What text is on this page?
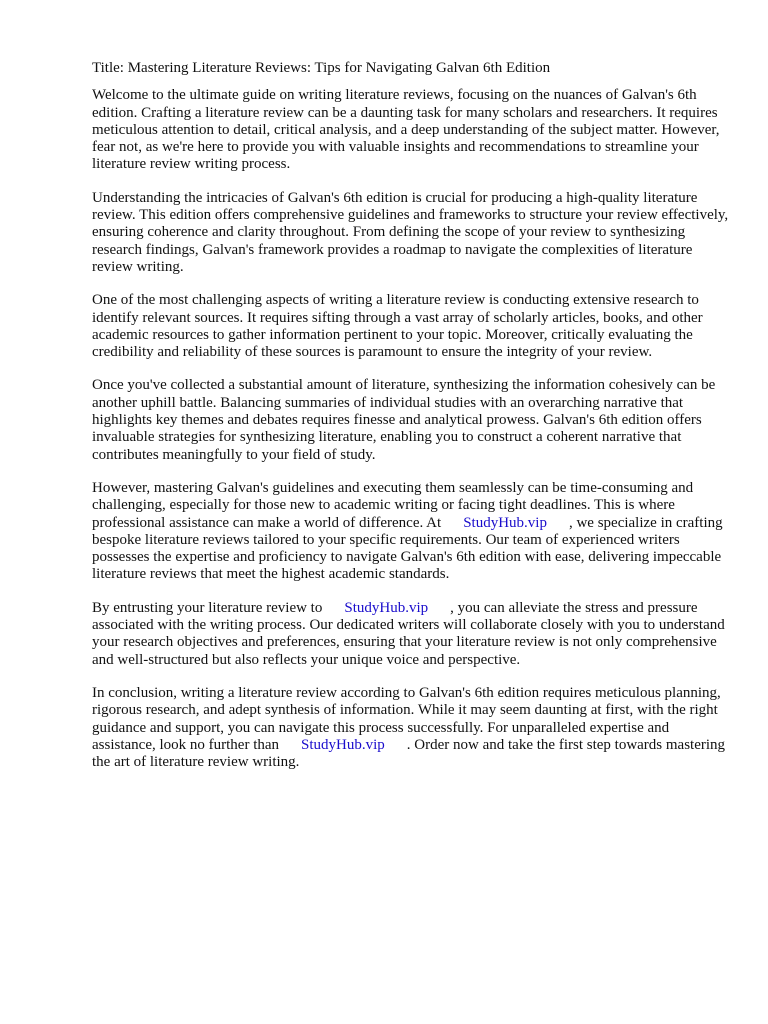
Title: Mastering Literature Reviews: Tips for Navigating Galvan 6th Edition

Welcome to the ultimate guide on writing literature reviews, focusing on the nuances of Galvan's 6th edition. Crafting a literature review can be a daunting task for many scholars and researchers. It requires meticulous attention to detail, critical analysis, and a deep understanding of the subject matter. However, fear not, as we're here to provide you with valuable insights and recommendations to streamline your literature review writing process.

Understanding the intricacies of Galvan's 6th edition is crucial for producing a high-quality literature review. This edition offers comprehensive guidelines and frameworks to structure your review effectively, ensuring coherence and clarity throughout. From defining the scope of your review to synthesizing research findings, Galvan's framework provides a roadmap to navigate the complexities of literature review writing.

One of the most challenging aspects of writing a literature review is conducting extensive research to identify relevant sources. It requires sifting through a vast array of scholarly articles, books, and other academic resources to gather information pertinent to your topic. Moreover, critically evaluating the credibility and reliability of these sources is paramount to ensure the integrity of your review.

Once you've collected a substantial amount of literature, synthesizing the information cohesively can be another uphill battle. Balancing summaries of individual studies with an overarching narrative that highlights key themes and debates requires finesse and analytical prowess. Galvan's 6th edition offers invaluable strategies for synthesizing literature, enabling you to construct a coherent narrative that contributes meaningfully to your field of study.

However, mastering Galvan's guidelines and executing them seamlessly can be time-consuming and challenging, especially for those new to academic writing or facing tight deadlines. This is where professional assistance can make a world of difference. At StudyHub.vip , we specialize in crafting bespoke literature reviews tailored to your specific requirements. Our team of experienced writers possesses the expertise and proficiency to navigate Galvan's 6th edition with ease, delivering impeccable literature reviews that meet the highest academic standards.

By entrusting your literature review to StudyHub.vip , you can alleviate the stress and pressure associated with the writing process. Our dedicated writers will collaborate closely with you to understand your research objectives and preferences, ensuring that your literature review is not only comprehensive and well-structured but also reflects your unique voice and perspective.

In conclusion, writing a literature review according to Galvan's 6th edition requires meticulous planning, rigorous research, and adept synthesis of information. While it may seem daunting at first, with the right guidance and support, you can navigate this process successfully. For unparalleled expertise and assistance, look no further than StudyHub.vip . Order now and take the first step towards mastering the art of literature review writing.
